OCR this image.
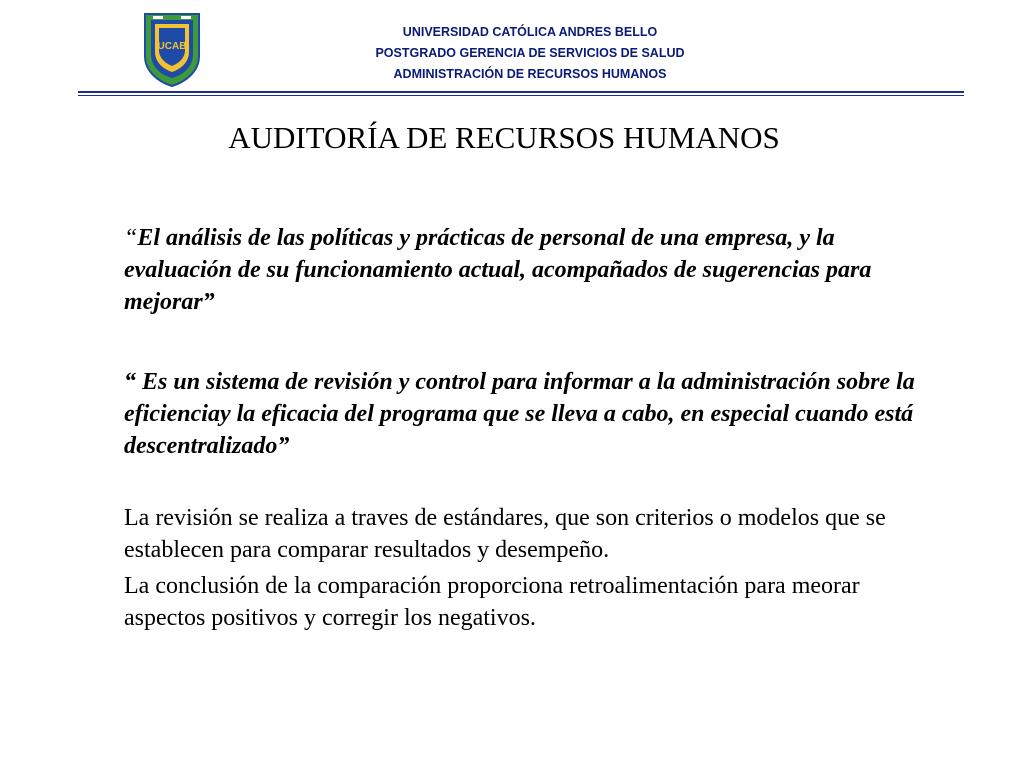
UCAB
UNIVERSIDAD CATÓLICA ANDRES BELLO
POSTGRADO GERENCIA DE SERVICIOS DE SALUD
ADMINISTRACIÓN DE RECURSOS HUMANOS
AUDITORÍA DE RECURSOS HUMANOS
“El análisis de las políticas y prácticas de personal de una empresa, y la evaluación de su funcionamiento actual, acompañados de sugerencias para mejorar”
“ Es un sistema de revisión y control para informar a la administración sobre la eficienciay la eficacia del programa que se lleva a cabo, en especial cuando está descentralizado”
La revisión se realiza a traves de estándares, que son criterios o modelos que se establecen para comparar resultados y desempeño.
La conclusión de la comparación proporciona retroalimentación para meorar aspectos positivos y corregir los negativos.
